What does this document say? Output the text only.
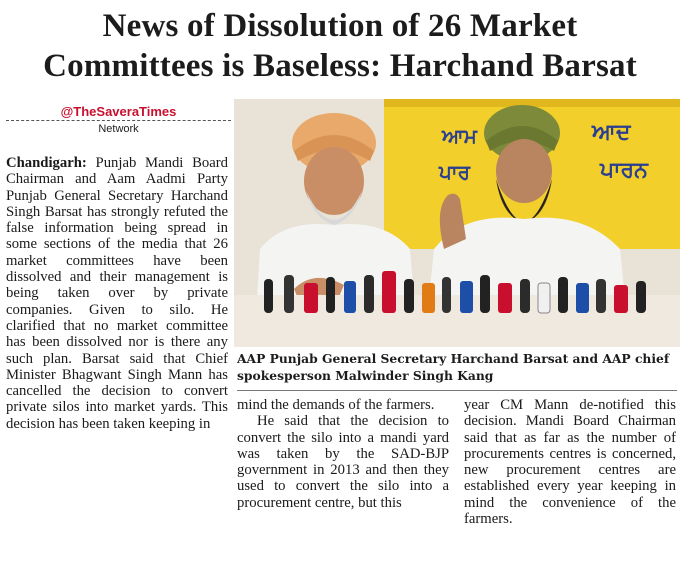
News of Dissolution of 26 Market
Committees is Baseless: Harchand Barsat
@TheSaveraTimes
Network
Chandigarh: Punjab Mandi Board Chairman and Aam Aadmi Party Punjab General Secretary Harchand Singh Barsat has strongly refuted the false information being spread in some sections of the media that 26 market committees have been dissolved and their management is being taken over by private companies. Given to silo. He clarified that no market committee has been dissolved nor is there any such plan. Barsat said that Chief Minister Bhagwant Singh Mann has cancelled the decision to convert private silos into market yards. This decision has been taken keeping in
mind the demands of the farmers.
He said that the decision to convert the silo into a mandi yard was taken by the SAD-BJP government in 2013 and then they used to convert the silo into a procurement centre, but this
year CM Mann de-notified this decision. Mandi Board Chairman said that as far as the number of procurements centres is concerned, new procurement centres are established every year keeping in mind the convenience of the farmers.
ਆਮ
ਪਾਰ
ਆਦ
ਪਾਰਨ
AAP Punjab General Secretary Harchand Barsat and AAP chief spokesperson Malwinder Singh Kang
